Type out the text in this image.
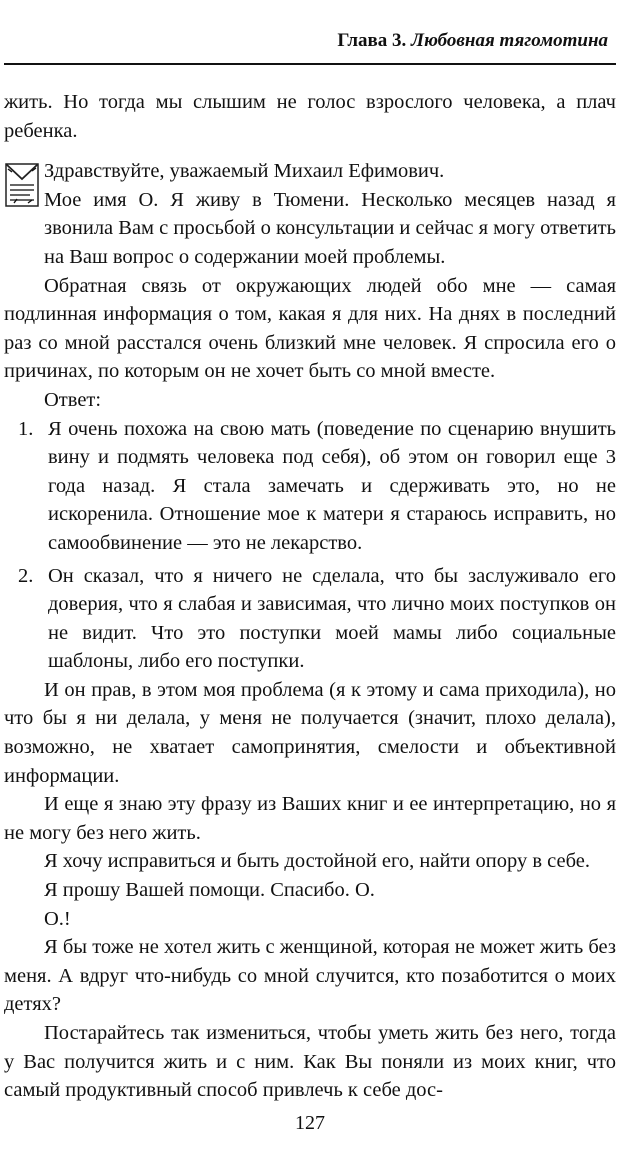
Глава 3. Любовная тягомотина

жить. Но тогда мы слышим не голос взрослого человека, а плач ребенка.

Здравствуйте, уважаемый Михаил Ефимович.

Мое имя О. Я живу в Тюмени. Несколько месяцев назад я звонила Вам с просьбой о консультации и сейчас я могу ответить на Ваш вопрос о содержании моей проблемы.

Обратная связь от окружающих людей обо мне — самая подлинная информация о том, какая я для них. На днях в последний раз со мной расстался очень близкий мне человек. Я спросила его о причинах, по которым он не хочет быть со мной вместе.

Ответ:

1. Я очень похожа на свою мать (поведение по сценарию внушить вину и подмять человека под себя), об этом он говорил еще 3 года назад. Я стала замечать и сдерживать это, но не искоренила. Отношение мое к матери я стараюсь исправить, но самообвинение — это не лекарство.
2. Он сказал, что я ничего не сделала, что бы заслуживало его доверия, что я слабая и зависимая, что лично моих поступков он не видит. Что это поступки моей мамы либо социальные шаблоны, либо его поступки.

И он прав, в этом моя проблема (я к этому и сама приходила), но что бы я ни делала, у меня не получается (значит, плохо делала), возможно, не хватает самопринятия, смелости и объективной информации.

И еще я знаю эту фразу из Ваших книг и ее интерпретацию, но я не могу без него жить.

Я хочу исправиться и быть достойной его, найти опору в себе.

Я прошу Вашей помощи. Спасибо. О.

О.!

Я бы тоже не хотел жить с женщиной, которая не может жить без меня. А вдруг что-нибудь со мной случится, кто позаботится о моих детях?

Постарайтесь так измениться, чтобы уметь жить без него, тогда у Вас получится жить и с ним. Как Вы поняли из моих книг, что самый продуктивный способ привлечь к себе дос-

127
